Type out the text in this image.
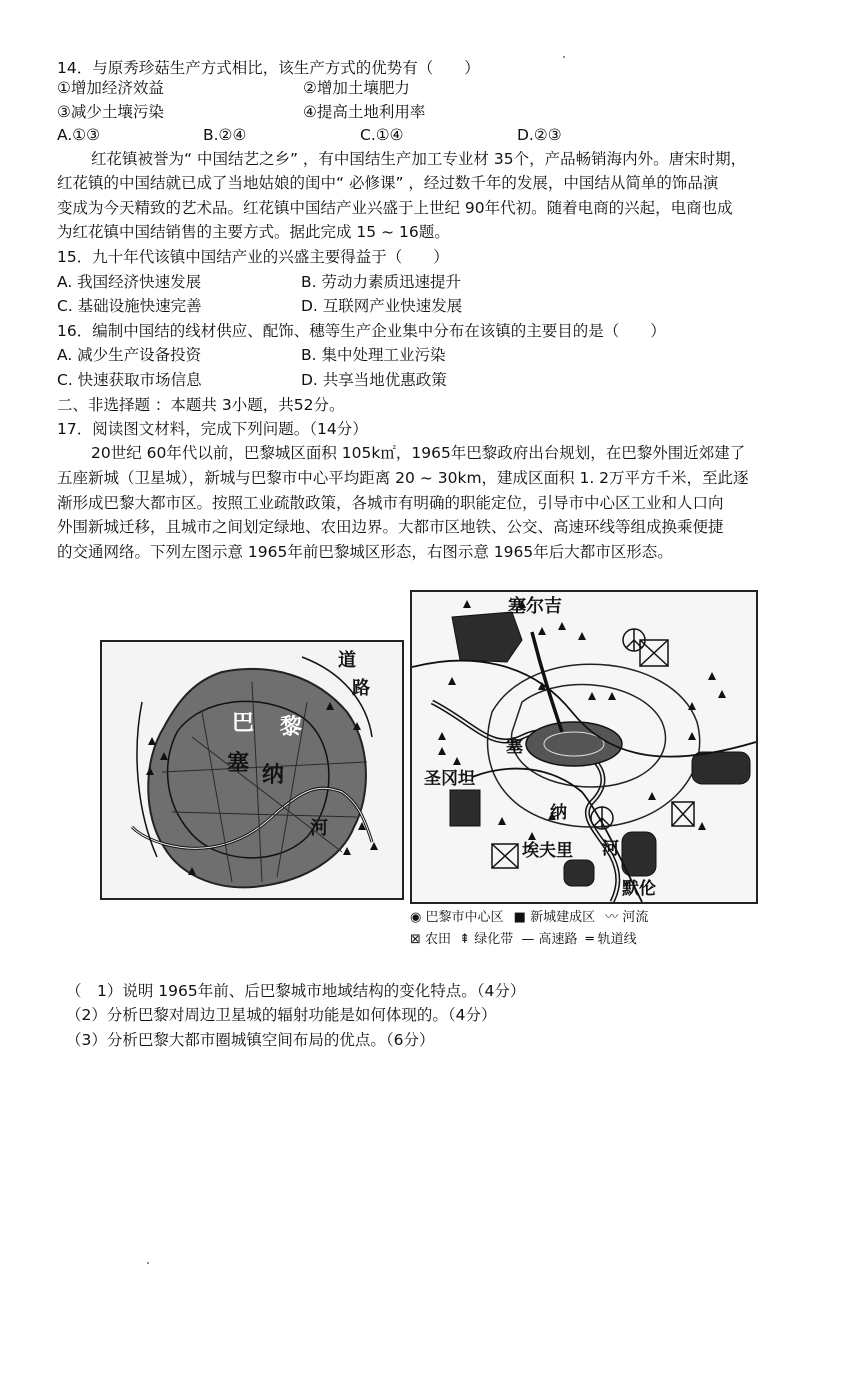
14．与原秀珍菇生产方式相比，该生产方式的优势有（　　）
①增加经济效益	②增加土壤肥力
③减少土壤污染	④提高土地利用率
A.①③	B.②④	C.①④	D.②③
红花镇被誉为“ 中国结艺之乡” ，有中国结生产加工专业材 35个，产品畅销海内外。唐宋时期，
红花镇的中国结就已成了当地姑娘的闺中“ 必修课” ，经过数千年的发展，中国结从简单的饰品演
变成为今天精致的艺术品。红花镇中国结产业兴盛于上世纪 90年代初。随着电商的兴起，电商也成
为红花镇中国结销售的主要方式。据此完成 15 ~ 16题。
15．九十年代该镇中国结产业的兴盛主要得益于（　　）
A. 我国经济快速发展	B. 劳动力素质迅速提升
C. 基础设施快速完善	D. 互联网产业快速发展
16．编制中国结的线材供应、配饰、穗等生产企业集中分布在该镇的主要目的是（　　）
A. 减少生产设备投资	B. 集中处理工业污染
C. 快速获取市场信息	D. 共享当地优惠政策
二、非选择题 ：本题共 3小题，共52分。
17．阅读图文材料，完成下列问题。（14分）
20世纪 60年代以前，巴黎城区面积 105k㎡，1965年巴黎政府出台规划，在巴黎外围近郊建了
五座新城（卫星城），新城与巴黎市中心平均距离 20 ~ 30km，建成区面积 1. 2万平方千米，至此逐
渐形成巴黎大都市区。按照工业疏散政策，各城市有明确的职能定位，引导市中心区工业和人口向
外围新城迁移，且城市之间划定绿地、农田边界。大都市区地铁、公交、高速环线等组成换乘便捷
的交通网络。下列左图示意 1965年前巴黎城区形态，右图示意 1965年后大都市区形态。
巴 黎
塞 纳
道
路
河
塞尔吉
塞
纳
河
圣冈坦
埃夫里
默伦
◉ 巴黎市中心区 ■ 新城建成区 〰 河流
⊠ 农田 ⇞ 绿化带 — 高速路 ═ 轨道线
（　1）说明 1965年前、后巴黎城市地域结构的变化特点。（4分）
（2）分析巴黎对周边卫星城的辐射功能是如何体现的。（4分）
（3）分析巴黎大都市圈城镇空间布局的优点。（6分）
